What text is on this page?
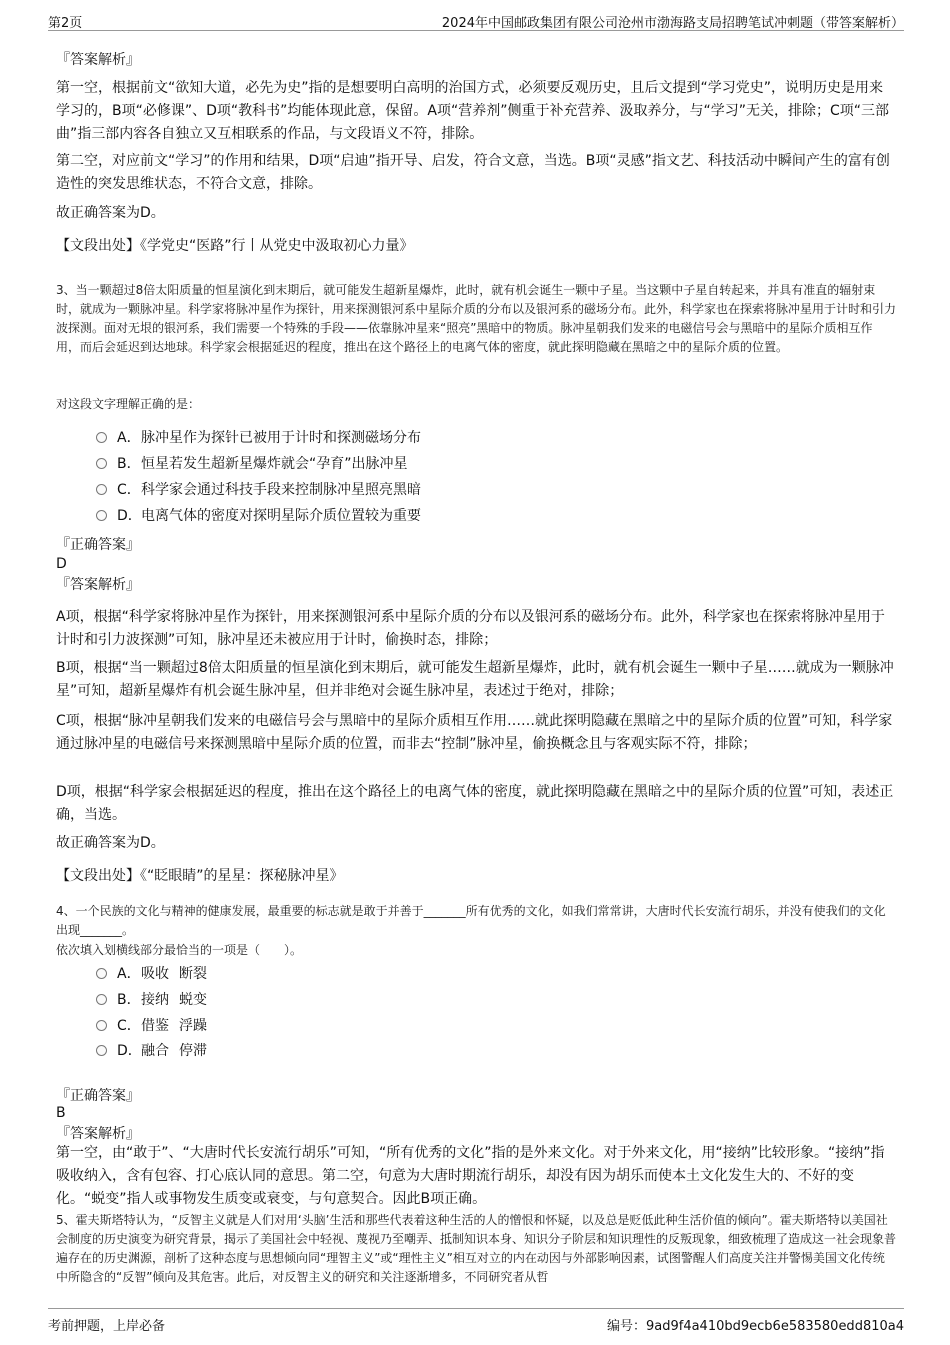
第2页	2024年中国邮政集团有限公司沧州市渤海路支局招聘笔试冲刺题（带答案解析）

『答案解析』

第一空，根据前文“欲知大道，必先为史”指的是想要明白高明的治国方式，必须要反观历史，且后文提到“学习党史”，说明历史是用来学习的，B项“必修课”、D项“教科书”均能体现此意，保留。A项“营养剂”侧重于补充营养、汲取养分，与“学习”无关，排除；C项“三部曲”指三部内容各自独立又互相联系的作品，与文段语义不符，排除。

第二空，对应前文“学习”的作用和结果，D项“启迪”指开导、启发，符合文意，当选。B项“灵感”指文艺、科技活动中瞬间产生的富有创造性的突发思维状态，不符合文意，排除。

故正确答案为D。

【文段出处】《学党史“医路”行丨从党史中汲取初心力量》

3、当一颗超过8倍太阳质量的恒星演化到末期后，就可能发生超新星爆炸，此时，就有机会诞生一颗中子星。当这颗中子星自转起来，并具有准直的辐射束时，就成为一颗脉冲星。科学家将脉冲星作为探针，用来探测银河系中星际介质的分布以及银河系的磁场分布。此外，科学家也在探索将脉冲星用于计时和引力波探测。面对无垠的银河系，我们需要一个特殊的手段——依靠脉冲星来“照亮”黑暗中的物质。脉冲星朝我们发来的电磁信号会与黑暗中的星际介质相互作用，而后会延迟到达地球。科学家会根据延迟的程度，推出在这个路径上的电离气体的密度，就此探明隐藏在黑暗之中的星际介质的位置。

对这段文字理解正确的是：

A．脉冲星作为探针已被用于计时和探测磁场分布
B．恒星若发生超新星爆炸就会“孕育”出脉冲星
C．科学家会通过科技手段来控制脉冲星照亮黑暗
D．电离气体的密度对探明星际介质位置较为重要

『正确答案』

D

『答案解析』

A项，根据“科学家将脉冲星作为探针，用来探测银河系中星际介质的分布以及银河系的磁场分布。此外，科学家也在探索将脉冲星用于计时和引力波探测”可知，脉冲星还未被应用于计时，偷换时态，排除；

B项，根据“当一颗超过8倍太阳质量的恒星演化到末期后，就可能发生超新星爆炸，此时，就有机会诞生一颗中子星……就成为一颗脉冲星”可知，超新星爆炸有机会诞生脉冲星，但并非绝对会诞生脉冲星，表述过于绝对，排除；

C项，根据“脉冲星朝我们发来的电磁信号会与黑暗中的星际介质相互作用……就此探明隐藏在黑暗之中的星际介质的位置”可知，科学家通过脉冲星的电磁信号来探测黑暗中星际介质的位置，而非去“控制”脉冲星，偷换概念且与客观实际不符，排除；

D项，根据“科学家会根据延迟的程度，推出在这个路径上的电离气体的密度，就此探明隐藏在黑暗之中的星际介质的位置”可知，表述正确，当选。

故正确答案为D。

【文段出处】《“眨眼睛”的星星：探秘脉冲星》

4、一个民族的文化与精神的健康发展，最重要的标志就是敢于并善于_______所有优秀的文化，如我们常常讲，大唐时代长安流行胡乐，并没有使我们的文化出现_______。

依次填入划横线部分最恰当的一项是（　　）。

A．吸收 断裂
B．接纳 蜕变
C．借鉴 浮躁
D．融合 停滞

『正确答案』

B

『答案解析』

第一空，由“敢于”、“大唐时代长安流行胡乐”可知，“所有优秀的文化”指的是外来文化。对于外来文化，用“接纳”比较形象。“接纳”指吸收纳入，含有包容、打心底认同的意思。第二空，句意为大唐时期流行胡乐，却没有因为胡乐而使本土文化发生大的、不好的变化。“蜕变”指人或事物发生质变或衰变，与句意契合。因此B项正确。

5、霍夫斯塔特认为，“反智主义就是人们对用‘头脑’生活和那些代表着这种生活的人的憎恨和怀疑，以及总是贬低此种生活价值的倾向”。霍夫斯塔特以美国社会制度的历史演变为研究背景，揭示了美国社会中轻视、蔑视乃至嘲弄、抵制知识本身、知识分子阶层和知识理性的反叛现象，细致梳理了造成这一社会现象普遍存在的历史渊源，剖析了这种态度与思想倾向同“理智主义”或“理性主义”相互对立的内在动因与外部影响因素，试图警醒人们高度关注并警惕美国文化传统中所隐含的“反智”倾向及其危害。此后，对反智主义的研究和关注逐渐增多，不同研究者从哲

考前押题，上岸必备	编号：9ad9f4a410bd9ecb6e583580edd810a4
